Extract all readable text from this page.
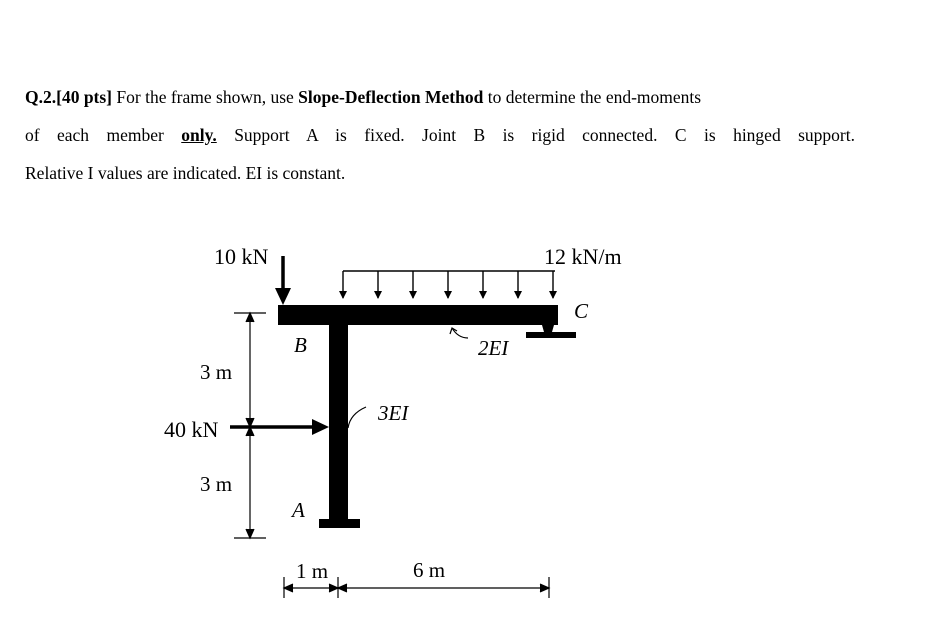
Q.2.[40 pts] For the frame shown, use Slope-Deflection Method to determine the end-moments
of each member only. Support A is fixed. Joint B is rigid connected. C is hinged support.
Relative I values are indicated. EI is constant.
10 kN	12 kN/m
40 kN
B
C
A
2EI
3EI
3 m
3 m
1 m	6 m
